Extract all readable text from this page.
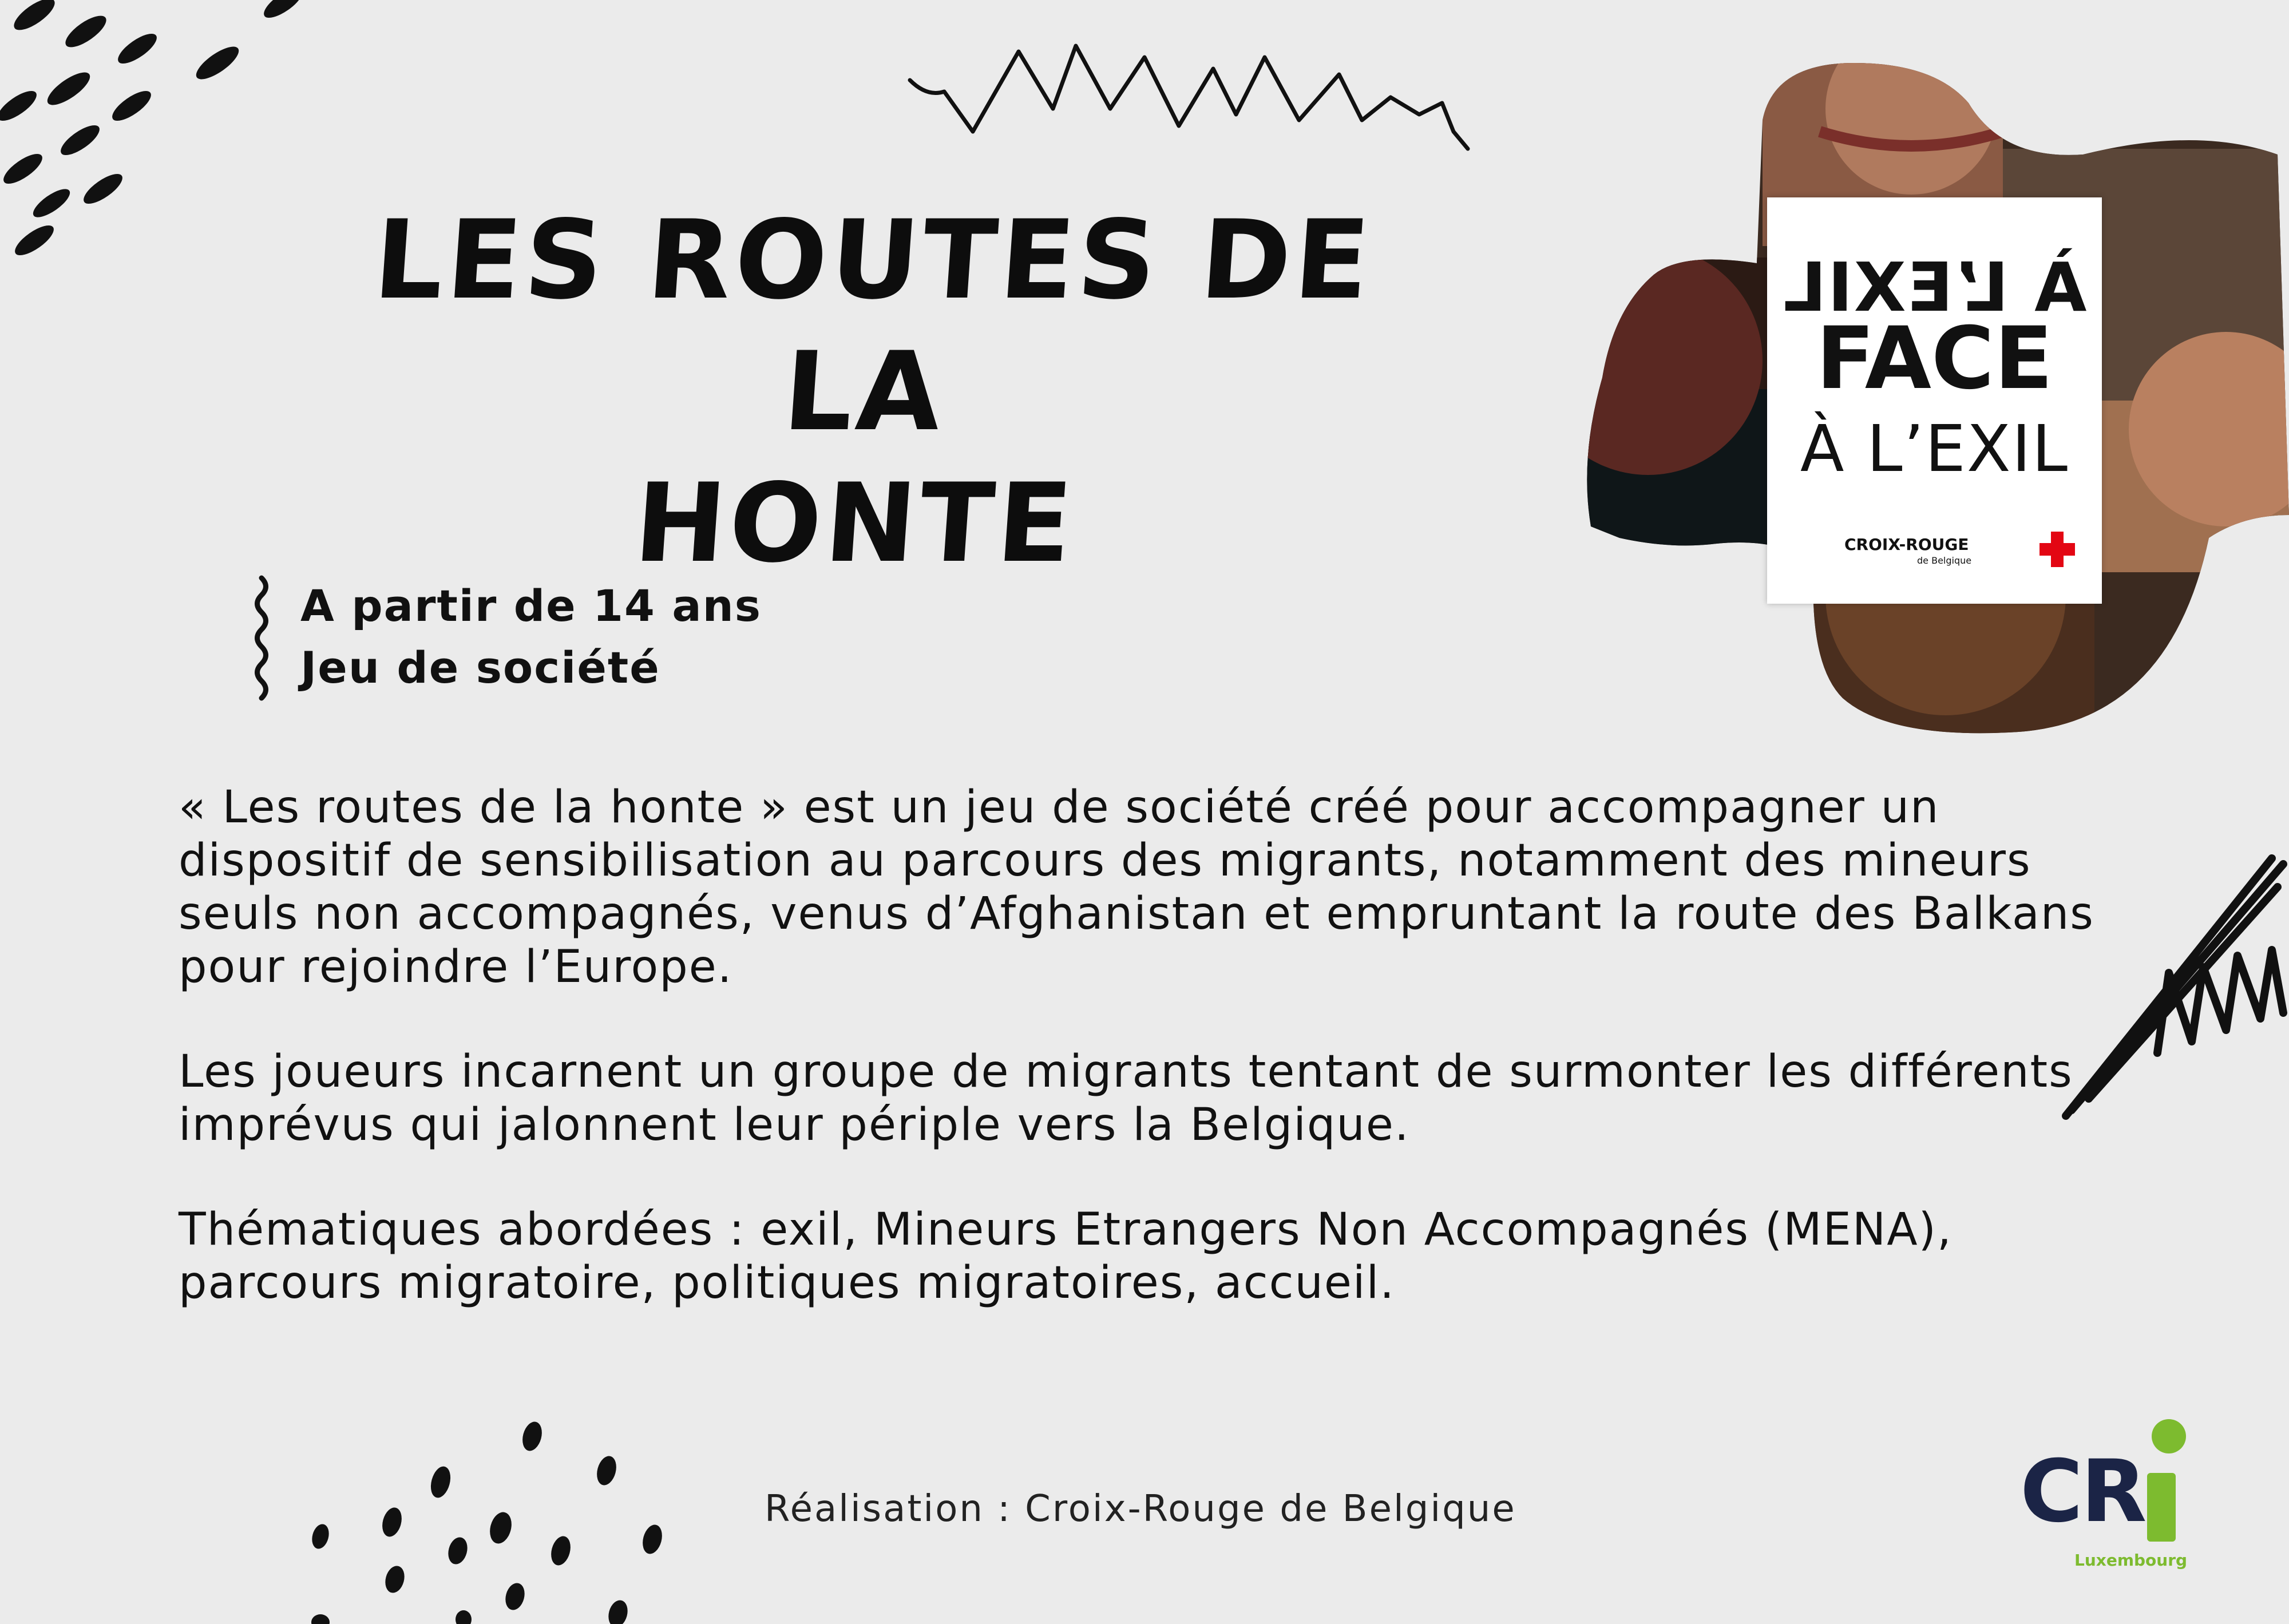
LES ROUTES DE LA
HONTE
A partir de 14 ans
Jeu de société

« Les routes de la honte » est un jeu de société créé pour accompagner un dispositif de sensibilisation au parcours des migrants, notamment des mineurs seuls non accompagnés, venus d’Afghanistan et empruntant la route des Balkans pour rejoindre l’Europe.

Les joueurs incarnent un groupe de migrants tentant de surmonter les différents imprévus qui jalonnent leur périple vers la Belgique.

Thématiques abordées : exil, Mineurs Etrangers Non Accompagnés (MENA), parcours migratoire, politiques migratoires, accueil.

À L’EXIL
FACE
À L’EXIL
CROIX-ROUGE
de Belgique
Réalisation : Croix-Rouge de Belgique	CR
Luxembourg
